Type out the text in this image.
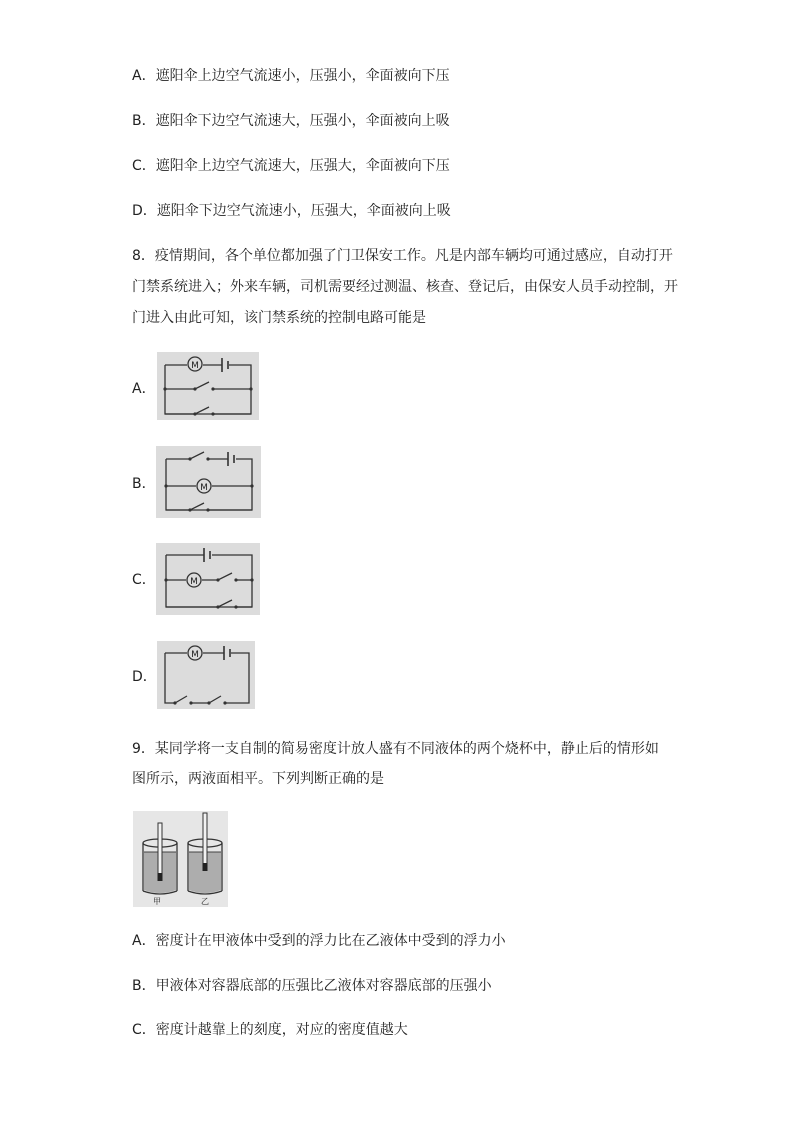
A．遮阳伞上边空气流速小，压强小，伞面被向下压
B．遮阳伞下边空气流速大，压强小，伞面被向上吸
C．遮阳伞上边空气流速大，压强大，伞面被向下压
D．遮阳伞下边空气流速小，压强大，伞面被向上吸
8．疫情期间，各个单位都加强了门卫保安工作。凡是内部车辆均可通过感应，自动打开
门禁系统进入；外来车辆，司机需要经过测温、核查、登记后，由保安人员手动控制，开
门进入由此可知，该门禁系统的控制电路可能是
A．
M
B．	M
C．	M
D．
M
9．某同学将一支自制的简易密度计放人盛有不同液体的两个烧杯中，静止后的情形如
图所示，两液面相平。下列判断正确的是
甲	乙
A．密度计在甲液体中受到的浮力比在乙液体中受到的浮力小
B．甲液体对容器底部的压强比乙液体对容器底部的压强小
C．密度计越靠上的刻度，对应的密度值越大
